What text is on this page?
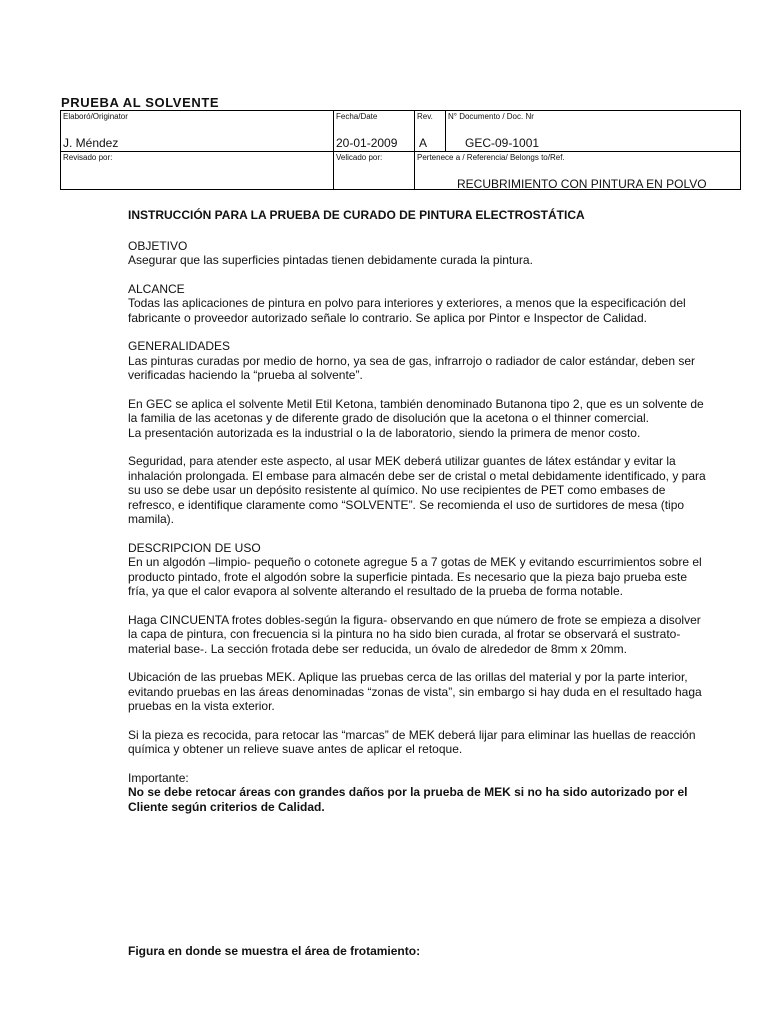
PRUEBA AL SOLVENTE
Elaboró/Originator
J. Méndez
Fecha/Date
20-01-2009
Rev.
A
N° Documento / Doc. Nr
GEC-09-1001
Revisado por:	Velicado por:	Pertenece a / Referencia/ Belongs to/Ref.
RECUBRIMIENTO CON PINTURA EN POLVO

INSTRUCCIÓN PARA LA PRUEBA DE CURADO DE PINTURA ELECTROSTÁTICA

OBJETIVO

Asegurar que las superficies pintadas tienen debidamente curada la pintura.

ALCANCE

Todas las aplicaciones de pintura en polvo para interiores y exteriores, a menos que la especificación del fabricante o proveedor autorizado señale lo contrario. Se aplica por Pintor e Inspector de Calidad.

GENERALIDADES

Las pinturas curadas por medio de horno, ya sea de gas, infrarrojo o radiador de calor estándar, deben ser verificadas haciendo la “prueba al solvente”.

En GEC se aplica el solvente Metil Etil Ketona, también denominado Butanona tipo 2, que es un solvente de la familia de las acetonas y de diferente grado de disolución que la acetona o el thinner comercial.

La presentación autorizada es la industrial o la de laboratorio, siendo la primera de menor costo.

Seguridad, para atender este aspecto, al usar MEK deberá utilizar guantes de látex estándar y evitar la inhalación prolongada. El embase para almacén debe ser de cristal o metal debidamente identificado, y para su uso se debe usar un depósito resistente al químico. No use recipientes de PET como embases de refresco, e identifique claramente como “SOLVENTE”. Se recomienda el uso de surtidores de mesa (tipo mamila).

DESCRIPCION DE USO

En un algodón –limpio- pequeño o cotonete agregue 5 a 7 gotas de MEK y evitando escurrimientos sobre el producto pintado, frote el algodón sobre la superficie pintada. Es necesario que la pieza bajo prueba este fría, ya que el calor evapora al solvente alterando el resultado de la prueba de forma notable.

Haga CINCUENTA frotes dobles-según la figura- observando en que número de frote se empieza a disolver la capa de pintura, con frecuencia si la pintura no ha sido bien curada, al frotar se observará el sustrato-material base-. La sección frotada debe ser reducida, un óvalo de alrededor de 8mm x 20mm.

Ubicación de las pruebas MEK. Aplique las pruebas cerca de las orillas del material y por la parte interior, evitando pruebas en las áreas denominadas “zonas de vista”, sin embargo si hay duda en el resultado haga pruebas en la vista exterior.

Si la pieza es recocida, para retocar las “marcas” de MEK deberá lijar para eliminar las huellas de reacción química y obtener un relieve suave antes de aplicar el retoque.

Importante:

No se debe retocar áreas con grandes daños por la prueba de MEK si no ha sido autorizado por el Cliente según criterios de Calidad.

Figura en donde se muestra el área de frotamiento:
